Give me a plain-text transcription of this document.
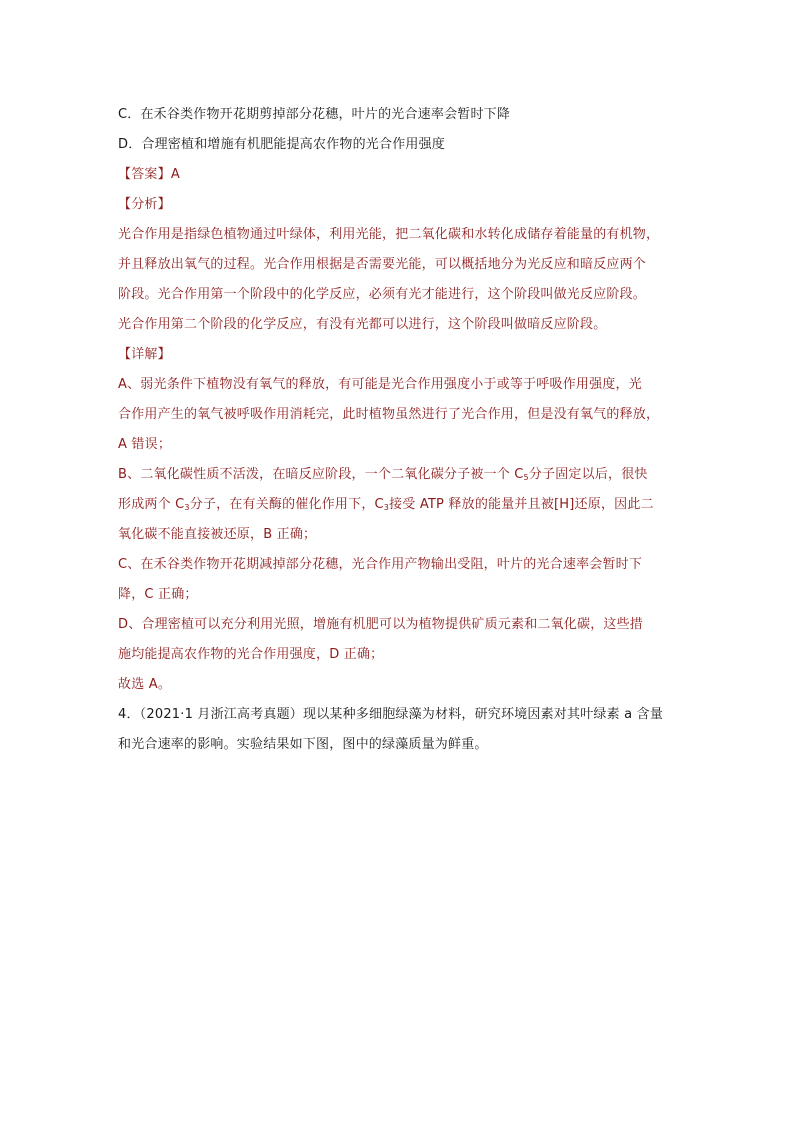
C．在禾谷类作物开花期剪掉部分花穗，叶片的光合速率会暂时下降
D．合理密植和增施有机肥能提高农作物的光合作用强度
【答案】A
【分析】
光合作用是指绿色植物通过叶绿体，利用光能，把二氧化碳和水转化成储存着能量的有机物，
并且释放出氧气的过程。光合作用根据是否需要光能，可以概括地分为光反应和暗反应两个
阶段。光合作用第一个阶段中的化学反应，必须有光才能进行，这个阶段叫做光反应阶段。
光合作用第二个阶段的化学反应，有没有光都可以进行，这个阶段叫做暗反应阶段。
【详解】
A、弱光条件下植物没有氧气的释放，有可能是光合作用强度小于或等于呼吸作用强度，光
合作用产生的氧气被呼吸作用消耗完，此时植物虽然进行了光合作用，但是没有氧气的释放，
A 错误；
B、二氧化碳性质不活泼，在暗反应阶段，一个二氧化碳分子被一个 $C_5$分子固定以后，很快
形成两个 $C_3$分子，在有关酶的催化作用下，$C_3$接受 ATP 释放的能量并且被[H]还原，因此二
氧化碳不能直接被还原，B 正确；
C、在禾谷类作物开花期减掉部分花穗，光合作用产物输出受阻，叶片的光合速率会暂时下
降，C 正确；
D、合理密植可以充分利用光照，增施有机肥可以为植物提供矿质元素和二氧化碳，这些措
施均能提高农作物的光合作用强度，D 正确；
故选 A。
4．（2021·1 月浙江高考真题）现以某种多细胞绿藻为材料，研究环境因素对其叶绿素 a 含量
和光合速率的影响。实验结果如下图，图中的绿藻质量为鲜重。
